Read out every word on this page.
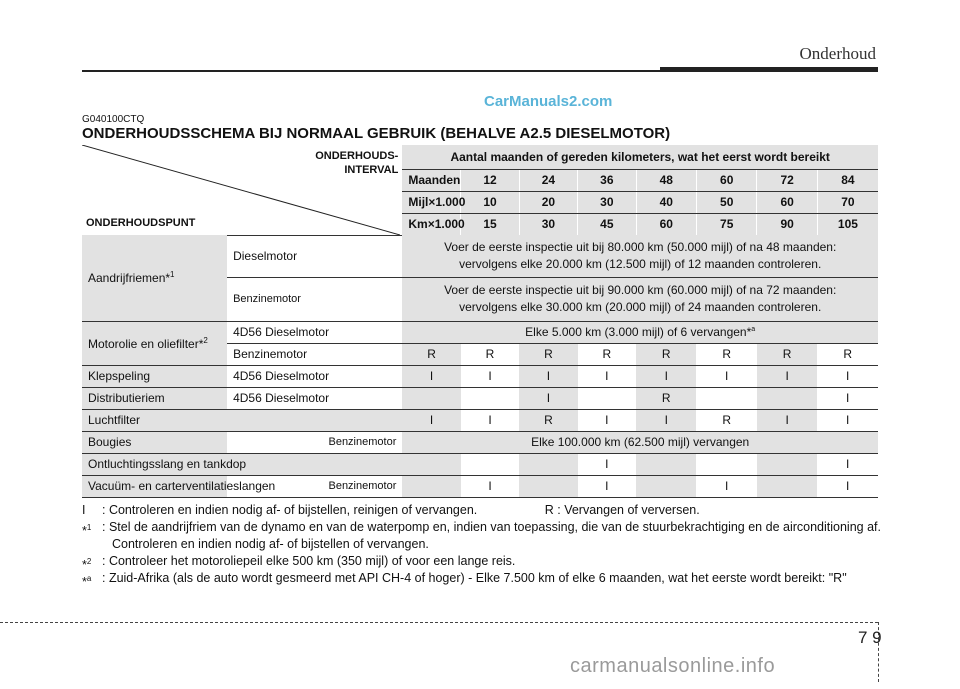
Onderhoud
CarManuals2.com
G040100CTQ
ONDERHOUDSSCHEMA BIJ NORMAAL GEBRUIK (BEHALVE A2.5 DIESELMOTOR)
ONDERHOUDS-
INTERVAL
ONDERHOUDSPUNT	Aantal maanden of gereden kilometers, wat het eerst wordt bereikt							
	Maanden	12	24	36	48	60	72	84
	Mijl×1.000	10	20	30	40	50	60	70
	Km×1.000	15	30	45	60	75	90	105
Aandrijfriemen*$^1$	Dieselmotor	Voer de eerste inspectie uit bij 80.000 km (50.000 mijl) of na 48 maanden:
vervolgens elke 20.000 km (12.500 mijl) of 12 maanden controleren.							
	Benzinemotor	Voer de eerste inspectie uit bij 90.000 km (60.000 mijl) of na 72 maanden:
vervolgens elke 30.000 km (20.000 mijl) of 24 maanden controleren.							
Motorolie en oliefilter*$^2$	4D56 Dieselmotor	Elke 5.000 km (3.000 mijl) of 6 vervangen*$^a$
	Benzinemotor	R	R	R	R	R	R	R	R
Klepspeling	4D56 Dieselmotor	I	I	I	I	I	I	I	I
Distributieriem	4D56 Dieselmotor			I		R			I
Luchtfilter		I	I	R	I	I	R	I	I
Bougies	Benzinemotor	Elke 100.000 km (62.500 mijl) vervangen							
Ontluchtingsslang en tankdop					I				I
Vacuüm- en carterventilatieslangen	Benzinemotor		I		I		I		I
I : Controleren en indien nodig af- of bijstellen, reinigen of vervangen.	R : Vervangen of verversen.
*$^1$ : Stel de aandrijfriem van de dynamo en van de waterpomp en, indien van toepassing, die van de stuurbekrachtiging en de airconditioning af.
Controleren en indien nodig af- of bijstellen of vervangen.
*$^2$ : Controleer het motoroliepeil elke 500 km (350 mijl) of voor een lange reis.
*$^a$ : Zuid-Afrika (als de auto wordt gesmeerd met API CH-4 of hoger) - Elke 7.500 km of elke 6 maanden, wat het eerste wordt bereikt: "R"
7 9
carmanualsonline.info
